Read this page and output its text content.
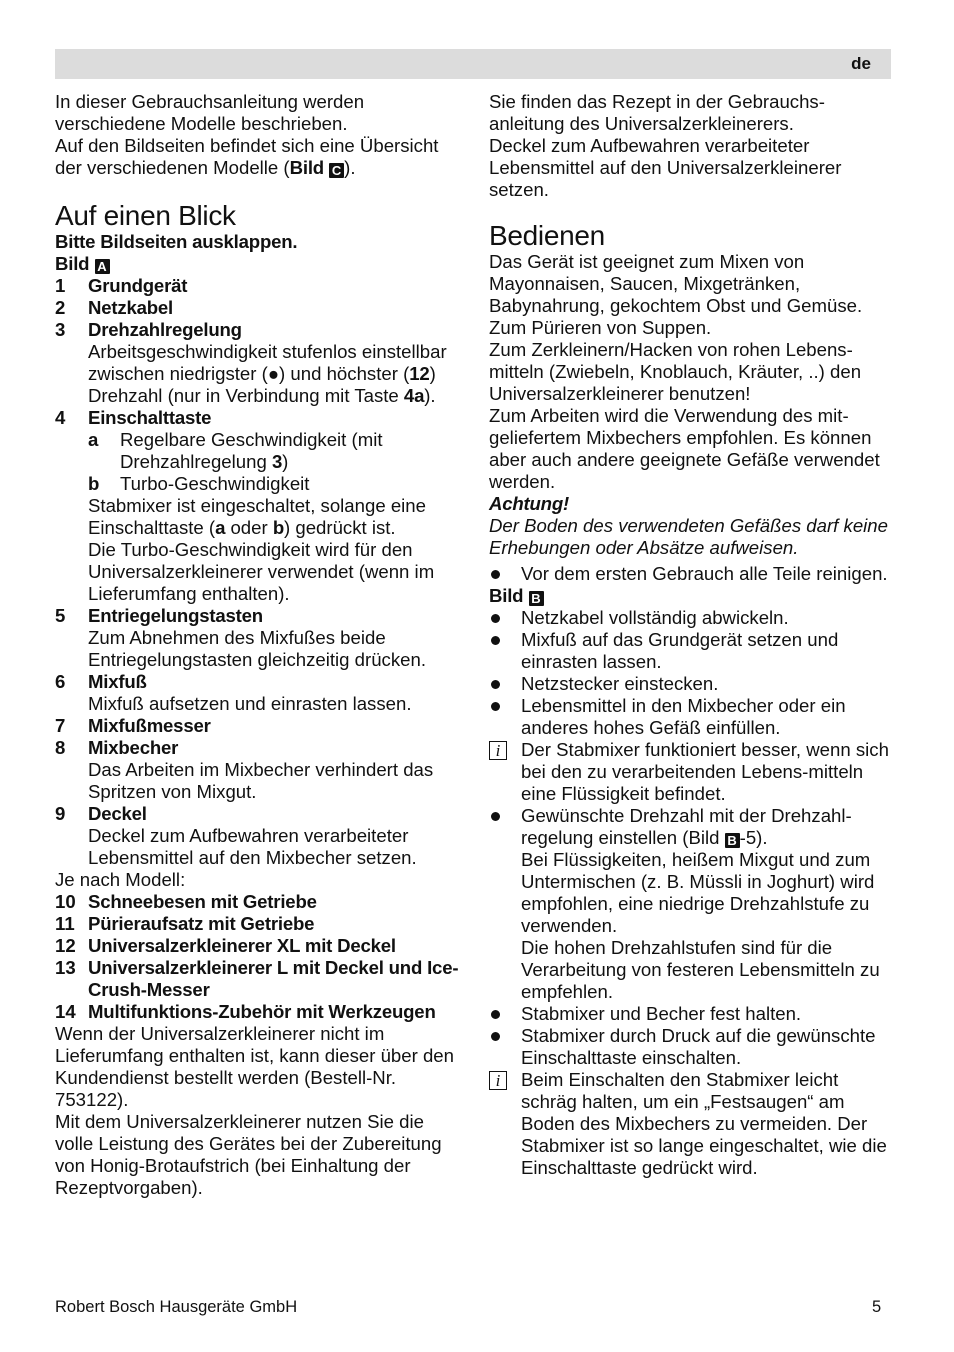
de

In dieser Gebrauchsanleitung werden verschiedene Modelle beschrieben.

Auf den Bildseiten befindet sich eine Übersicht der verschiedenen Modelle (Bild C ).

Auf einen Blick

Bitte Bildseiten ausklappen.

Bild A

1 Grundgerät
2 Netzkabel
3 Drehzahlregelung

Arbeitsgeschwindigkeit stufenlos einstellbar zwischen niedrigster (●) und höchster (12) Drehzahl (nur in Verbindung mit Taste 4a).

4 Einschalttaste
a Regelbare Geschwindigkeit (mit Drehzahlregelung 3)
b Turbo-Geschwindigkeit

Stabmixer ist eingeschaltet, solange eine Einschalttaste (a oder b) gedrückt ist.

Die Turbo-Geschwindigkeit wird für den Universalzerkleinerer verwendet (wenn im Lieferumfang enthalten).

5 Entriegelungstasten

Zum Abnehmen des Mixfußes beide Entriegelungstasten gleichzeitig drücken.

6 Mixfuß

Mixfuß aufsetzen und einrasten lassen.

7 Mixfußmesser
8 Mixbecher

Das Arbeiten im Mixbecher verhindert das Spritzen von Mixgut.

9 Deckel

Deckel zum Aufbewahren verarbeiteter Lebensmittel auf den Mixbecher setzen.

Je nach Modell:

10 Schneebesen mit Getriebe
11 Pürieraufsatz mit Getriebe
12 Universalzerkleinerer XL mit Deckel
13 Universalzerkleinerer L mit Deckel und Ice-Crush-Messer
14 Multifunktions-Zubehör mit Werkzeugen

Wenn der Universalzerkleinerer nicht im Lieferumfang enthalten ist, kann dieser über den Kundendienst bestellt werden (Bestell-Nr. 753122).

Mit dem Universalzerkleinerer nutzen Sie die volle Leistung des Gerätes bei der Zubereitung von Honig-Brotaufstrich (bei Einhaltung der Rezeptvorgaben).

Sie finden das Rezept in der Gebrauchs-anleitung des Universalzerkleinerers.

Deckel zum Aufbewahren verarbeiteter Lebensmittel auf den Universalzerkleinerer setzen.

Bedienen

Das Gerät ist geeignet zum Mixen von Mayonnaisen, Saucen, Mixgetränken, Babynahrung, gekochtem Obst und Gemüse.

Zum Pürieren von Suppen.

Zum Zerkleinern/Hacken von rohen Lebens-mitteln (Zwiebeln, Knoblauch, Kräuter, ..) den Universalzerkleinerer benutzen!

Zum Arbeiten wird die Verwendung des mit-geliefertem Mixbechers empfohlen. Es können aber auch andere geeignete Gefäße verwendet werden.

Achtung!

Der Boden des verwendeten Gefäßes darf keine Erhebungen oder Absätze aufweisen.

Vor dem ersten Gebrauch alle Teile reinigen.

Bild B

Netzkabel vollständig abwickeln.
Mixfuß auf das Grundgerät setzen und einrasten lassen.
Netzstecker einstecken.
Lebensmittel in den Mixbecher oder ein anderes hohes Gefäß einfüllen.
i	Der Stabmixer funktioniert besser, wenn sich bei den zu verarbeitenden Lebens-mitteln eine Flüssigkeit befindet.
Gewünschte Drehzahl mit der Drehzahl-regelung einstellen (Bild B -5).

Bei Flüssigkeiten, heißem Mixgut und zum Untermischen (z. B. Müssli in Joghurt) wird empfohlen, eine niedrige Drehzahlstufe zu verwenden.

Die hohen Drehzahlstufen sind für die Verarbeitung von festeren Lebensmitteln zu empfehlen.

Stabmixer und Becher fest halten.
Stabmixer durch Druck auf die gewünschte Einschalttaste einschalten.
i	Beim Einschalten den Stabmixer leicht schräg halten, um ein „Festsaugen“ am Boden des Mixbechers zu vermeiden. Der Stabmixer ist so lange eingeschaltet, wie die Einschalttaste gedrückt wird.
Robert Bosch Hausgeräte GmbH	5
